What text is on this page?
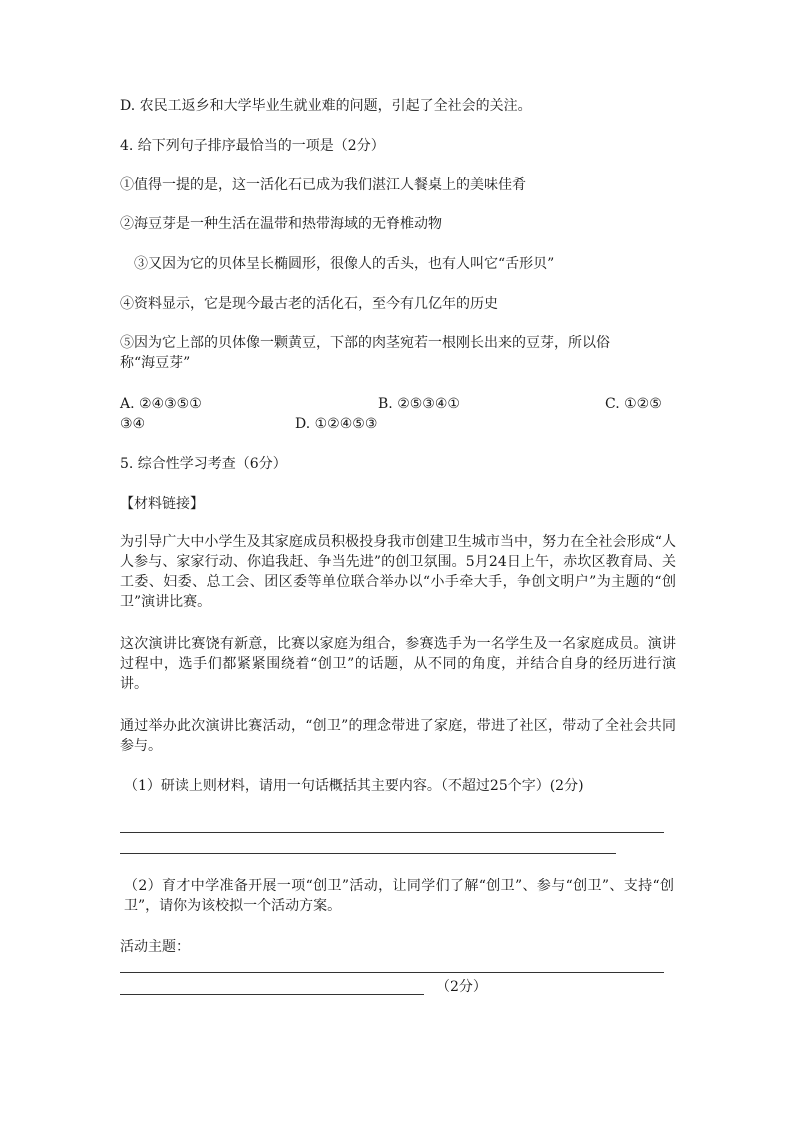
D. 农民工返乡和大学毕业生就业难的问题，引起了全社会的关注。
4. 给下列句子排序最恰当的一项是（2分）
①值得一提的是，这一活化石已成为我们湛江人餐桌上的美味佳肴
②海豆芽是一种生活在温带和热带海域的无脊椎动物
③又因为它的贝体呈长椭圆形，很像人的舌头，也有人叫它“舌形贝”
④资料显示，它是现今最古老的活化石，至今有几亿年的历史
⑤因为它上部的贝体像一颗黄豆，下部的肉茎宛若一根刚长出来的豆芽，所以俗
称“海豆芽”
A. ②④③⑤①	B. ②⑤③④①	C. ①②⑤
③④	D. ①②④⑤③
5. 综合性学习考查（6分）
【材料链接】
为引导广大中小学生及其家庭成员积极投身我市创建卫生城市当中，努力在全社会形成“人人参与、家家行动、你追我赶、争当先进”的创卫氛围。5月24日上午，赤坎区教育局、关工委、妇委、总工会、团区委等单位联合举办以“小手牵大手，争创文明户”为主题的“创卫”演讲比赛。
这次演讲比赛饶有新意，比赛以家庭为组合，参赛选手为一名学生及一名家庭成员。演讲过程中，选手们都紧紧围绕着“创卫”的话题，从不同的角度，并结合自身的经历进行演讲。
通过举办此次演讲比赛活动，“创卫”的理念带进了家庭，带进了社区，带动了全社会共同参与。
（1）研读上则材料，请用一句话概括其主要内容。（不超过25个字）(2分)
（2）育才中学准备开展一项“创卫”活动，让同学们了解“创卫”、参与“创卫”、支持“创卫”，请你为该校拟一个活动方案。
活动主题：
（2分）
